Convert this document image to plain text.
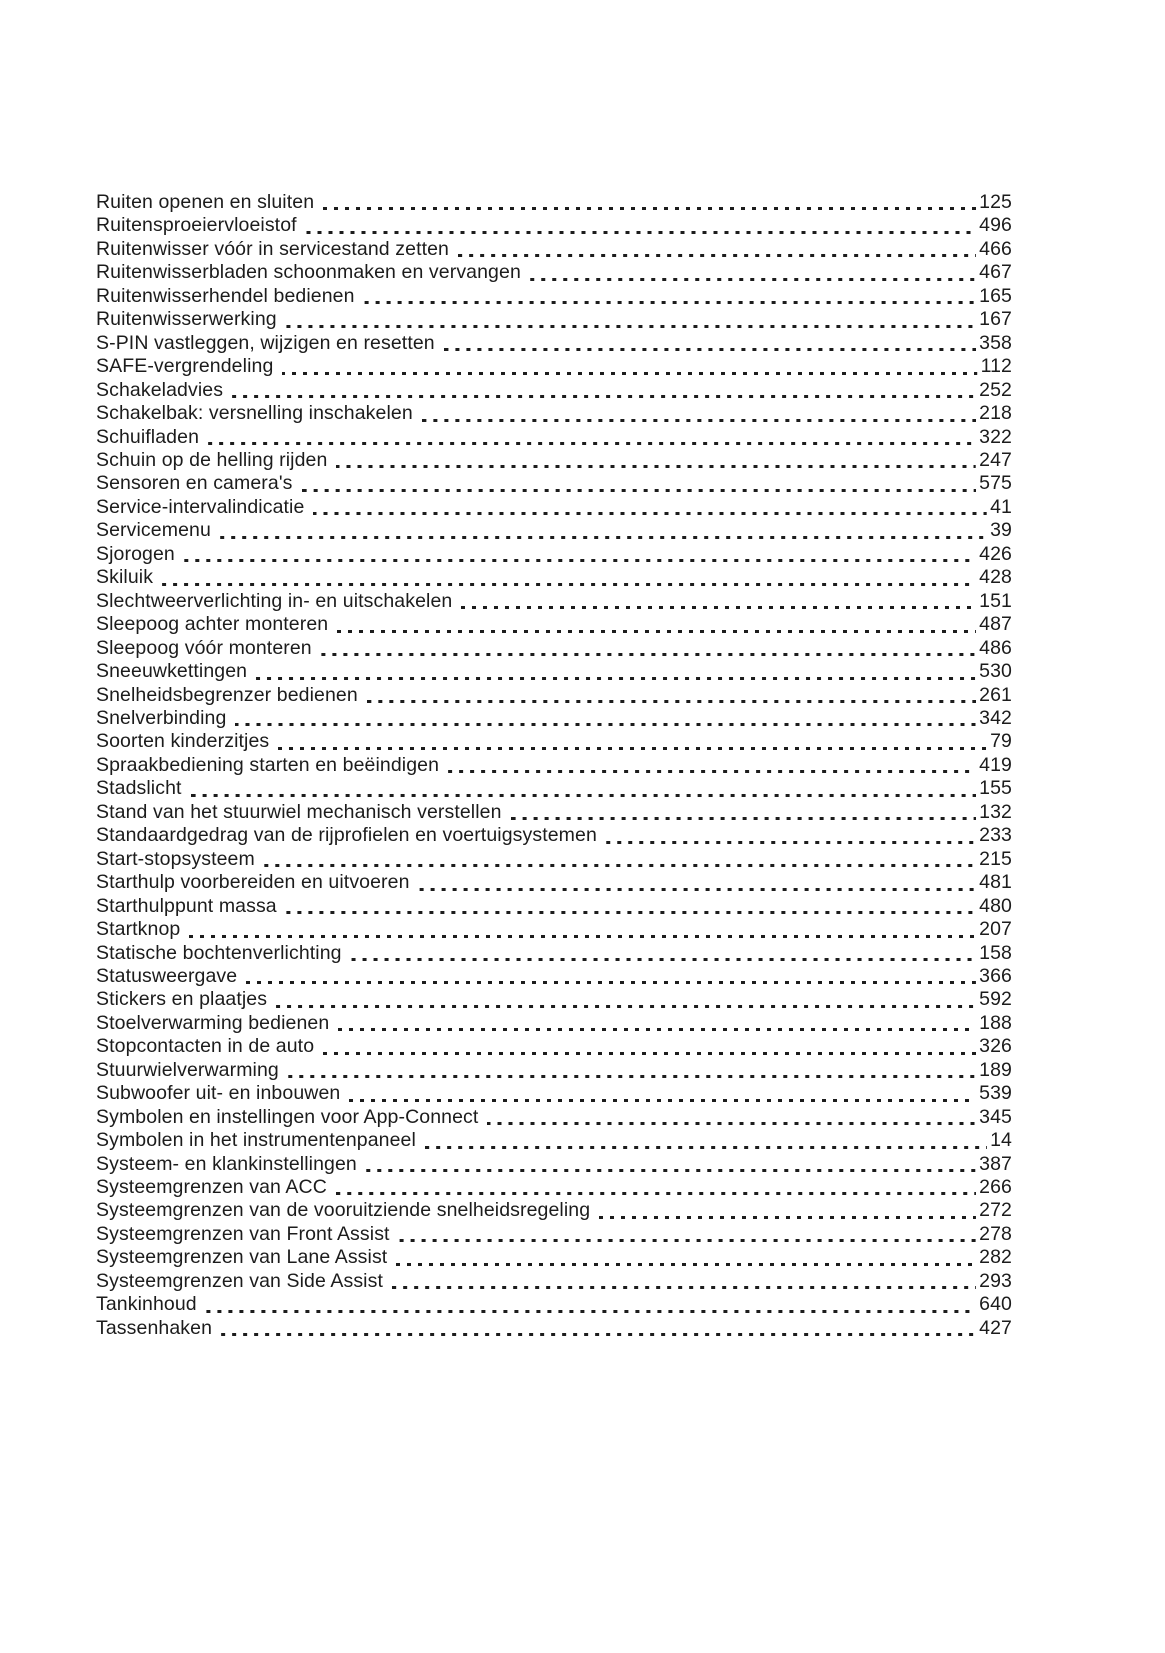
Ruiten openen en sluiten	125
Ruitensproeiervloeistof	496
Ruitenwisser vóór in servicestand zetten	466
Ruitenwisserbladen schoonmaken en vervangen	467
Ruitenwisserhendel bedienen	165
Ruitenwisserwerking	167
S-PIN vastleggen, wijzigen en resetten	358
SAFE-vergrendeling	112
Schakeladvies	252
Schakelbak: versnelling inschakelen	218
Schuifladen	322
Schuin op de helling rijden	247
Sensoren en camera's	575
Service-intervalindicatie	41
Servicemenu	39
Sjorogen	426
Skiluik	428
Slechtweerverlichting in- en uitschakelen	151
Sleepoog achter monteren	487
Sleepoog vóór monteren	486
Sneeuwkettingen	530
Snelheidsbegrenzer bedienen	261
Snelverbinding	342
Soorten kinderzitjes	79
Spraakbediening starten en beëindigen	419
Stadslicht	155
Stand van het stuurwiel mechanisch verstellen	132
Standaardgedrag van de rijprofielen en voertuigsystemen	233
Start-stopsysteem	215
Starthulp voorbereiden en uitvoeren	481
Starthulppunt massa	480
Startknop	207
Statische bochtenverlichting	158
Statusweergave	366
Stickers en plaatjes	592
Stoelverwarming bedienen	188
Stopcontacten in de auto	326
Stuurwielverwarming	189
Subwoofer uit- en inbouwen	539
Symbolen en instellingen voor App-Connect	345
Symbolen in het instrumentenpaneel	14
Systeem- en klankinstellingen	387
Systeemgrenzen van ACC	266
Systeemgrenzen van de vooruitziende snelheidsregeling	272
Systeemgrenzen van Front Assist	278
Systeemgrenzen van Lane Assist	282
Systeemgrenzen van Side Assist	293
Tankinhoud	640
Tassenhaken	427
